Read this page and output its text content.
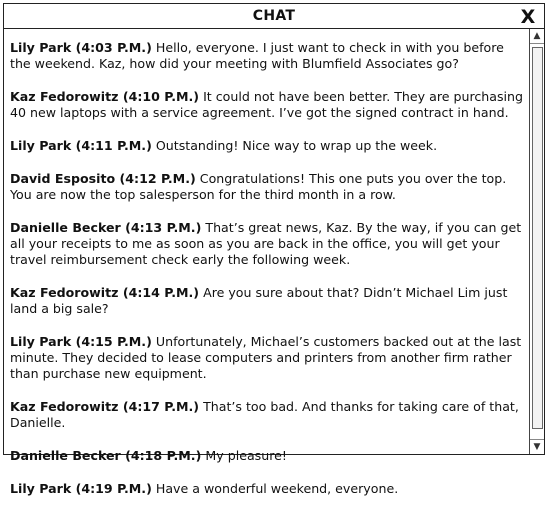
CHAT	X
Lily Park (4:03 P.M.) Hello, everyone. I just want to check in with you before the weekend. Kaz, how did your meeting with Blumfield Associates go?
Kaz Fedorowitz (4:10 P.M.) It could not have been better. They are purchasing 40 new laptops with a service agreement. I’ve got the signed contract in hand.
Lily Park (4:11 P.M.) Outstanding! Nice way to wrap up the week.
David Esposito (4:12 P.M.) Congratulations! This one puts you over the top. You are now the top salesperson for the third month in a row.
Danielle Becker (4:13 P.M.) That’s great news, Kaz. By the way, if you can get all your receipts to me as soon as you are back in the office, you will get your travel reimbursement check early the following week.
Kaz Fedorowitz (4:14 P.M.) Are you sure about that? Didn’t Michael Lim just land a big sale?
Lily Park (4:15 P.M.) Unfortunately, Michael’s customers backed out at the last minute. They decided to lease computers and printers from another firm rather than purchase new equipment.
Kaz Fedorowitz (4:17 P.M.) That’s too bad. And thanks for taking care of that, Danielle.
Danielle Becker (4:18 P.M.) My pleasure!
Lily Park (4:19 P.M.) Have a wonderful weekend, everyone.
▲
▼
